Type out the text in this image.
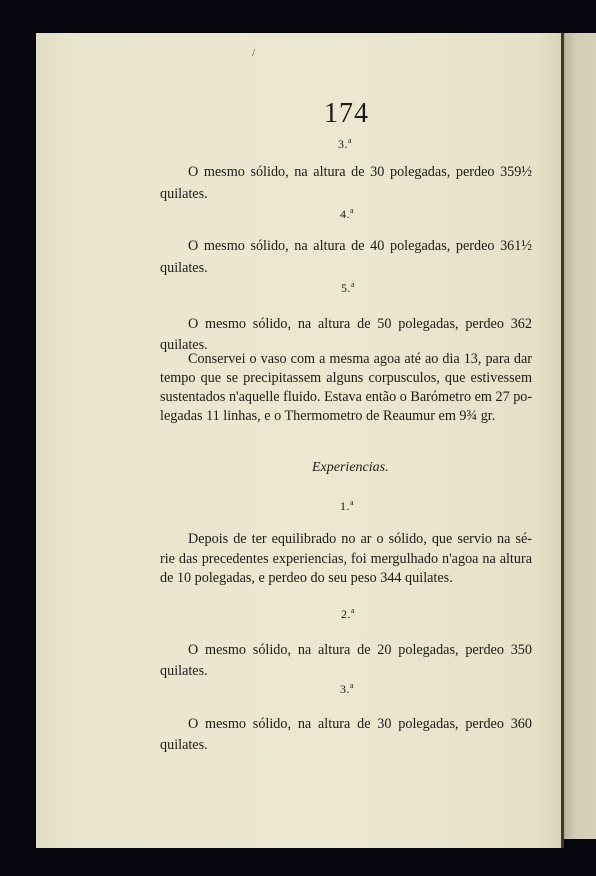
/
174
3.$^a$
O mesmo sólido, na altura de 30 polegadas, perdeo 359½
quilates.
4.$^a$
O mesmo sólido, na altura de 40 polegadas, perdeo 361½
quilates.
5.$^a$
O mesmo sólido, na altura de 50 polegadas, perdeo 362
quilates.
Conservei o vaso com a mesma agoa até ao dia 13, para dar
tempo que se precipitassem alguns corpusculos, que estivessem
sustentados n'aquelle fluido. Estava então o Barómetro em 27 po-
legadas 11 linhas, e o Thermometro de Reaumur em 9¾ gr.
Experiencias.
1.$^a$
Depois de ter equilibrado no ar o sólido, que servio na sé-
rie das precedentes experiencias, foi mergulhado n'agoa na altura
de 10 polegadas, e perdeo do seu peso 344 quilates.
2.$^a$
O mesmo sólido, na altura de 20 polegadas, perdeo 350
quilates.
3.$^a$
O mesmo sólido, na altura de 30 polegadas, perdeo 360
quilates.
